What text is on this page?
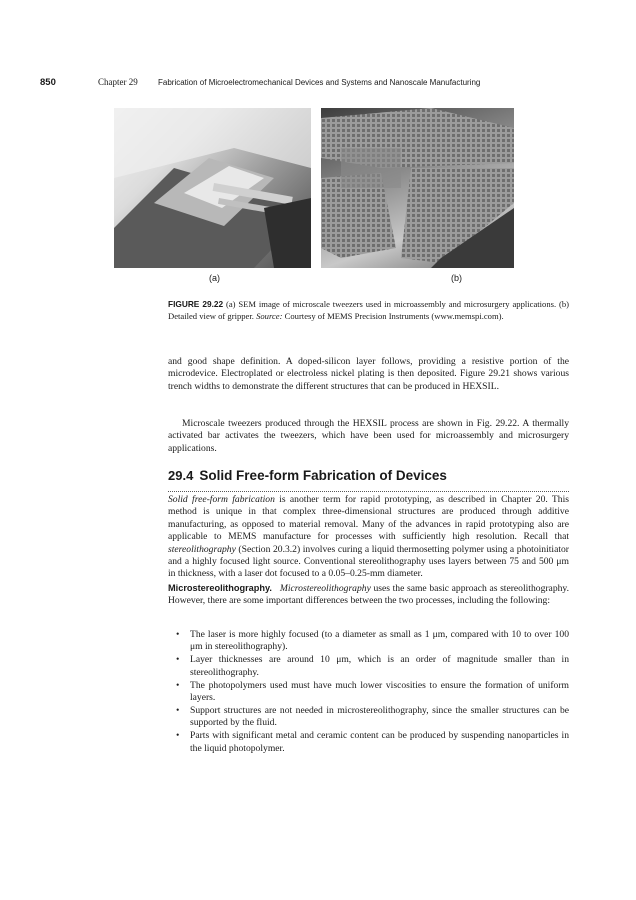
850	Chapter 29	Fabrication of Microelectromechanical Devices and Systems and Nanoscale Manufacturing
(a)	(b)
FIGURE 29.22 (a) SEM image of microscale tweezers used in microassembly and microsurgery applications. (b) Detailed view of gripper. Source: Courtesy of MEMS Precision Instruments (www.memspi.com).

and good shape definition. A doped-silicon layer follows, providing a resistive portion of the microdevice. Electroplated or electroless nickel plating is then deposited. Figure 29.21 shows various trench widths to demonstrate the different structures that can be produced in HEXSIL.

Microscale tweezers produced through the HEXSIL process are shown in Fig. 29.22. A thermally activated bar activates the tweezers, which have been used for microassembly and microsurgery applications.

29.4 Solid Free-form Fabrication of Devices

Solid free-form fabrication is another term for rapid prototyping, as described in Chapter 20. This method is unique in that complex three-dimensional structures are produced through additive manufacturing, as opposed to material removal. Many of the advances in rapid prototyping also are applicable to MEMS manufacture for processes with sufficiently high resolution. Recall that stereolithography (Section 20.3.2) involves curing a liquid thermosetting polymer using a photoinitiator and a highly focused light source. Conventional stereolithography uses layers between 75 and 500 μm in thickness, with a laser dot focused to a 0.05–0.25-mm diameter.

Microstereolithography. Microstereolithography uses the same basic approach as stereolithography. However, there are some important differences between the two processes, including the following:

• The laser is more highly focused (to a diameter as small as 1 μm, compared with 10 to over 100 μm in stereolithography).
• Layer thicknesses are around 10 μm, which is an order of magnitude smaller than in stereolithography.
• The photopolymers used must have much lower viscosities to ensure the formation of uniform layers.
• Support structures are not needed in microstereolithography, since the smaller structures can be supported by the fluid.
• Parts with significant metal and ceramic content can be produced by suspending nanoparticles in the liquid photopolymer.
